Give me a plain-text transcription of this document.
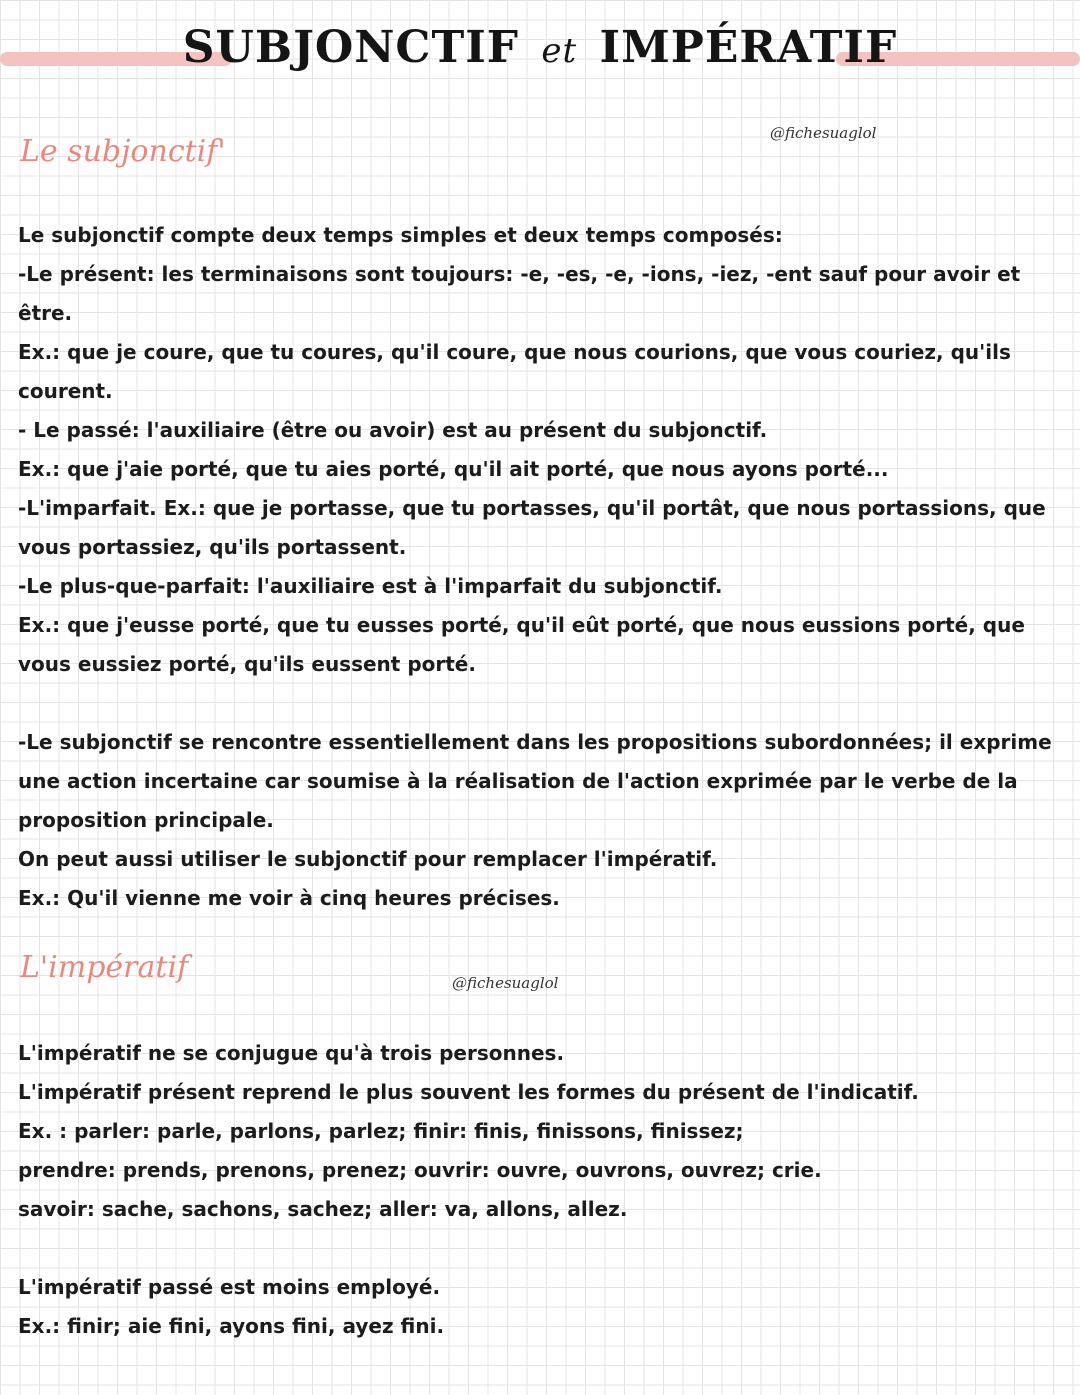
SUBJONCTIF et IMPÉRATIF
@fichesuaglol
@fichesuaglol
Le subjonctif'

Le subjonctif compte deux temps simples et deux temps composés:

-Le présent: les terminaisons sont toujours: -e, -es, -e, -ions, -iez, -ent sauf pour avoir et être.

Ex.: que je coure, que tu coures, qu'il coure, que nous courions, que vous couriez, qu'ils courent.

- Le passé: l'auxiliaire (être ou avoir) est au présent du subjonctif.

Ex.: que j'aie porté, que tu aies porté, qu'il ait porté, que nous ayons porté...

-L'imparfait. Ex.: que je portasse, que tu portasses, qu'il portât, que nous portassions, que vous portassiez, qu'ils portassent.

-Le plus-que-parfait: l'auxiliaire est à l'imparfait du subjonctif.

Ex.: que j'eusse porté, que tu eusses porté, qu'il eût porté, que nous eussions porté, que vous eussiez porté, qu'ils eussent porté.

-Le subjonctif se rencontre essentiellement dans les propositions subordonnées; il exprime une action incertaine car soumise à la réalisation de l'action exprimée par le verbe de la proposition principale.

On peut aussi utiliser le subjonctif pour remplacer l'impératif.

Ex.: Qu'il vienne me voir à cinq heures précises.

L'impératif

L'impératif ne se conjugue qu'à trois personnes.

L'impératif présent reprend le plus souvent les formes du présent de l'indicatif.

Ex. : parler: parle, parlons, parlez; finir: finis, finissons, finissez;

prendre: prends, prenons, prenez; ouvrir: ouvre, ouvrons, ouvrez; crie.

savoir: sache, sachons, sachez; aller: va, allons, allez.

L'impératif passé est moins employé.

Ex.: finir; aie fini, ayons fini, ayez fini.
